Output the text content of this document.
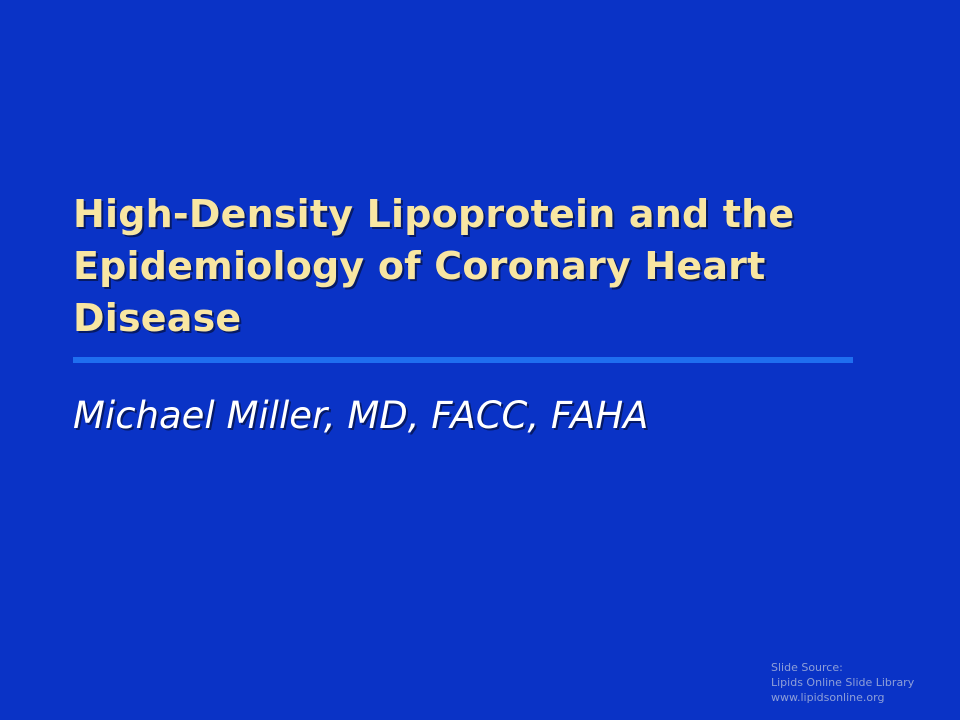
High-Density Lipoprotein and the
Epidemiology of Coronary Heart
Disease

Michael Miller, MD, FACC, FAHA

Slide Source:
Lipids Online Slide Library
www.lipidsonline.org
